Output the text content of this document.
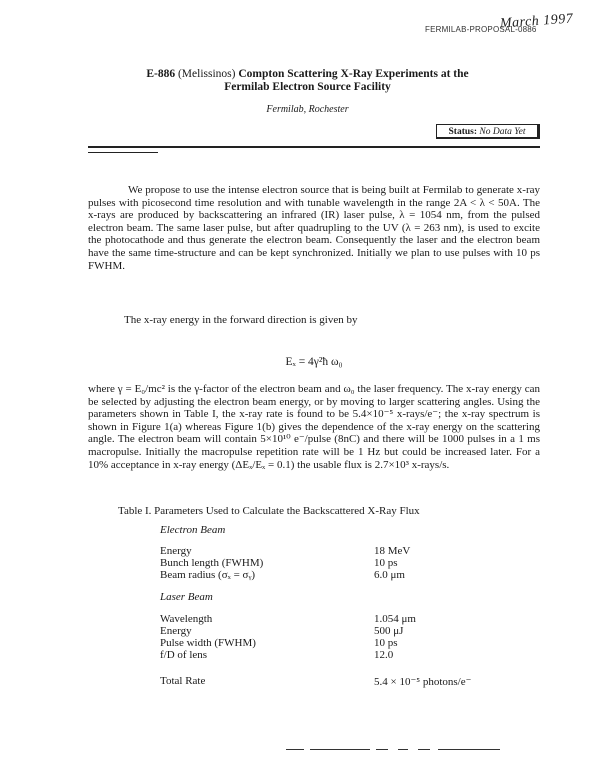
March 1997
FERMILAB-PROPOSAL-0886
E-886 (Melissinos) Compton Scattering X-Ray Experiments at the
Fermilab Electron Source Facility
Fermilab, Rochester
Status: No Data Yet

We propose to use the intense electron source that is being built at Fermilab to generate x-ray pulses with picosecond time resolution and with tunable wavelength in the range 2A < λ < 50A. The x-rays are produced by backscattering an infrared (IR) laser pulse, λ = 1054 nm, from the pulsed electron beam. The same laser pulse, but after quadrupling to the UV (λ = 263 nm), is used to excite the photocathode and thus generate the electron beam. Consequently the laser and the electron beam have the same time-structure and can be kept synchronized. Initially we plan to use pulses with 10 ps FWHM.

The x-ray energy in the forward direction is given by

Eₓ = 4γ²ħ ω₀

where γ = E₀/mc² is the γ-factor of the electron beam and ω₀ the laser frequency. The x-ray energy can be selected by adjusting the electron beam energy, or by moving to larger scattering angles. Using the parameters shown in Table I, the x-ray rate is found to be 5.4×10⁻⁵ x-rays/e⁻; the x-ray spectrum is shown in Figure 1(a) whereas Figure 1(b) gives the dependence of the x-ray energy on the scattering angle. The electron beam will contain 5×10¹⁰ e⁻/pulse (8nC) and there will be 1000 pulses in a 1 ms macropulse. Initially the macropulse repetition rate will be 1 Hz but could be increased later. For a 10% acceptance in x-ray energy (ΔEₓ/Eₓ = 0.1) the usable flux is 2.7×10³ x-rays/s.

Table I. Parameters Used to Calculate the Backscattered X-Ray Flux
Electron Beam
Energy	18 MeV
Bunch length (FWHM)	10 ps
Beam radius (σₓ = σᵧ)	6.0 μm
Laser Beam
Wavelength	1.054 μm
Energy	500 μJ
Pulse width (FWHM)	10 ps
f/D of lens	12.0
Total Rate	5.4 × 10⁻⁵ photons/e⁻
